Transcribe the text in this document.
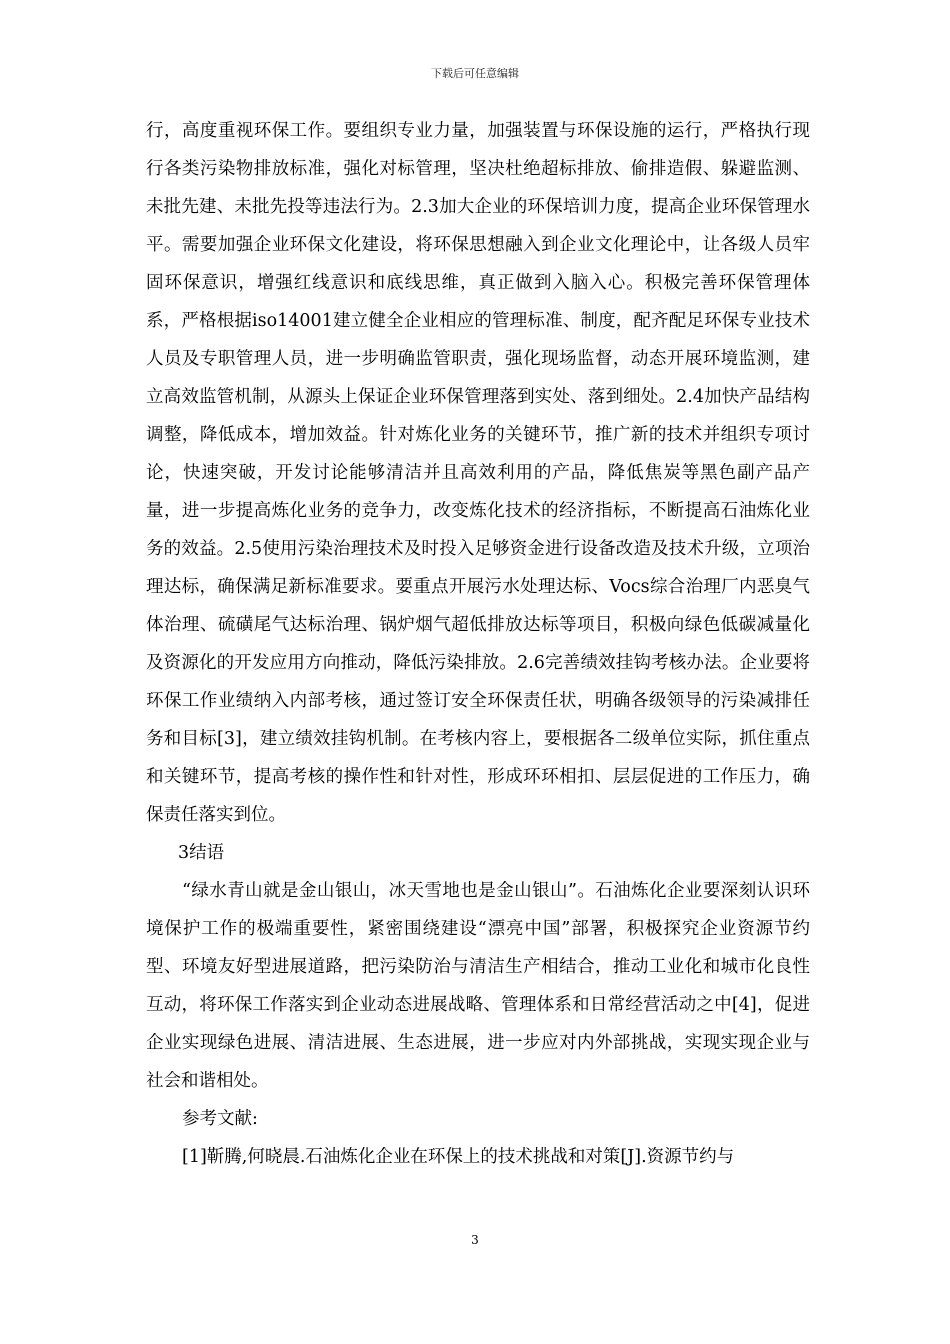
下载后可任意编辑

行，高度重视环保工作。要组织专业力量，加强装置与环保设施的运行，严格执行现行各类污染物排放标准，强化对标管理，坚决杜绝超标排放、偷排造假、躲避监测、未批先建、未批先投等违法行为。2.3加大企业的环保培训力度，提高企业环保管理水平。需要加强企业环保文化建设，将环保思想融入到企业文化理论中，让各级人员牢固环保意识，增强红线意识和底线思维，真正做到入脑入心。积极完善环保管理体系，严格根据iso14001建立健全企业相应的管理标准、制度，配齐配足环保专业技术人员及专职管理人员，进一步明确监管职责，强化现场监督，动态开展环境监测，建立高效监管机制，从源头上保证企业环保管理落到实处、落到细处。2.4加快产品结构调整，降低成本，增加效益。针对炼化业务的关键环节，推广新的技术并组织专项讨论，快速突破，开发讨论能够清洁并且高效利用的产品，降低焦炭等黑色副产品产量，进一步提高炼化业务的竞争力，改变炼化技术的经济指标，不断提高石油炼化业务的效益。2.5使用污染治理技术及时投入足够资金进行设备改造及技术升级，立项治理达标，确保满足新标准要求。要重点开展污水处理达标、Vocs综合治理厂内恶臭气体治理、硫磺尾气达标治理、锅炉烟气超低排放达标等项目，积极向绿色低碳减量化及资源化的开发应用方向推动，降低污染排放。2.6完善绩效挂钩考核办法。企业要将环保工作业绩纳入内部考核，通过签订安全环保责任状，明确各级领导的污染减排任务和目标[3]，建立绩效挂钩机制。在考核内容上，要根据各二级单位实际，抓住重点和关键环节，提高考核的操作性和针对性，形成环环相扣、层层促进的工作压力，确保责任落实到位。

3结语

“绿水青山就是金山银山，冰天雪地也是金山银山”。石油炼化企业要深刻认识环境保护工作的极端重要性，紧密围绕建设“漂亮中国”部署，积极探究企业资源节约型、环境友好型进展道路，把污染防治与清洁生产相结合，推动工业化和城市化良性互动，将环保工作落实到企业动态进展战略、管理体系和日常经营活动之中[4]，促进企业实现绿色进展、清洁进展、生态进展，进一步应对内外部挑战，实现实现企业与社会和谐相处。

参考文献:

[1]靳腾,何晓晨.石油炼化企业在环保上的技术挑战和对策[J].资源节约与

3
